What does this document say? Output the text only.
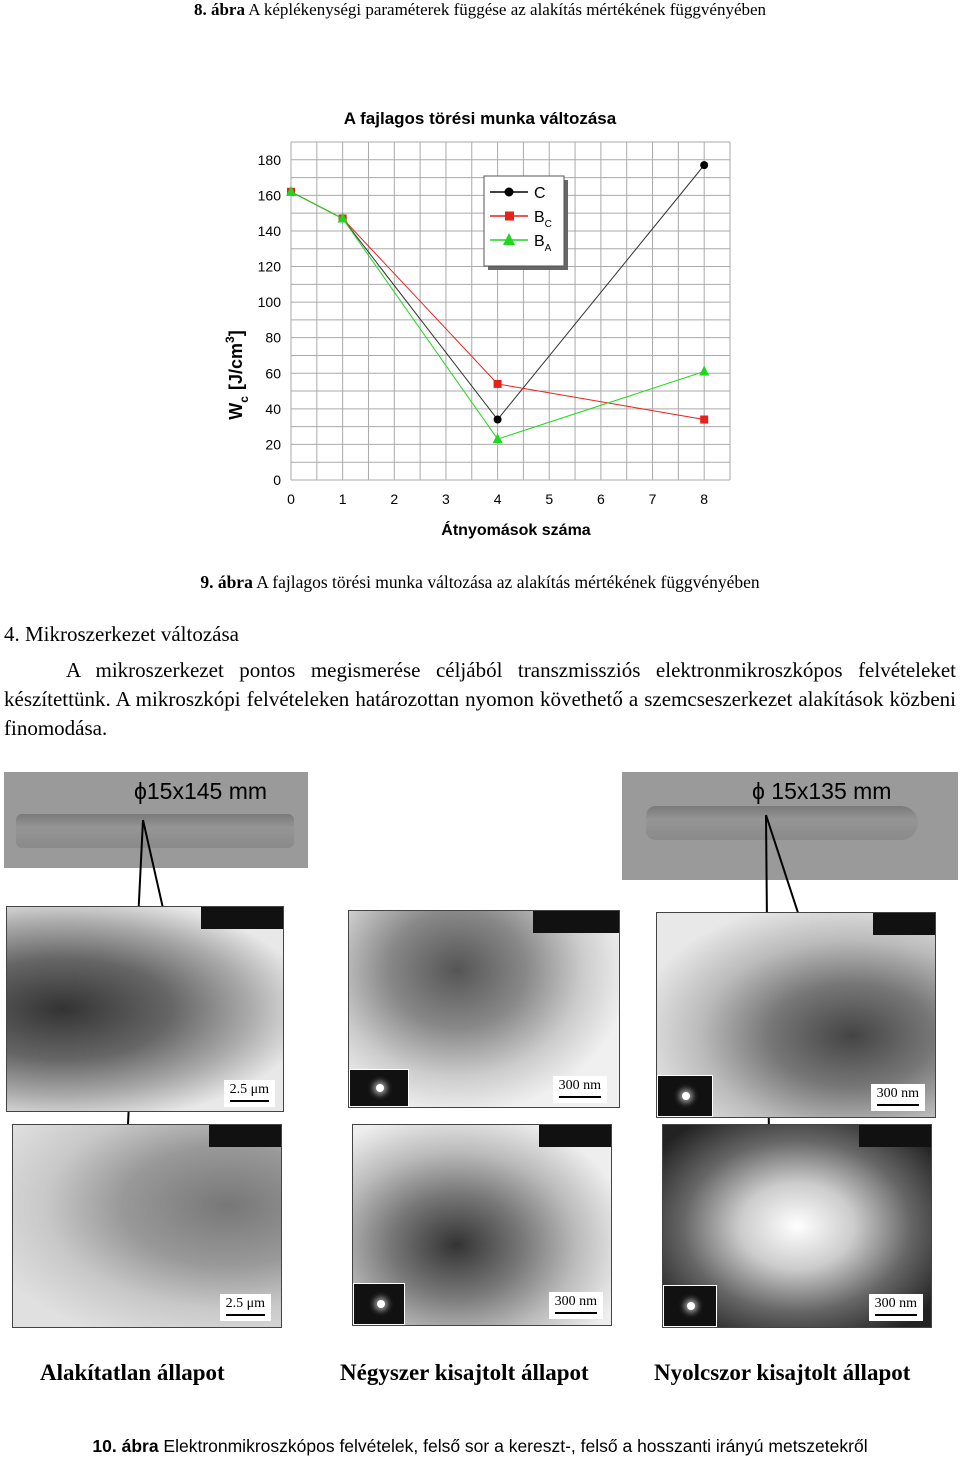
8. ábra A képlékenységi paraméterek függése az alakítás mértékének függvényében
A fajlagos törési munka változása
0
20
40
60
80
100
120
140
160
180
0	1	2	3	4	5	6	7	8
Átnyomások száma
$W_c[J/cm^3]$
C
$B_C$
$B_A$
9. ábra A fajlagos törési munka változása az alakítás mértékének függvényében
4. Mikroszerkezet változása
A mikroszerkezet pontos megismerése céljából transzmissziós elektronmikroszkópos felvételeket készítettünk. A mikroszkópi felvételeken határozottan nyomon követhető a szemcseszerkezet alakítások közbeni finomodása.
ϕ15x145 mm	ϕ 15x135 mm
2.5 μm	300 nm
300 nm
2.5 μm	300 nm	300 nm
Alakítatlan állapot	Négyszer kisajtolt állapot	Nyolcszor kisajtolt állapot
10. ábra Elektronmikroszkópos felvételek, felső sor a kereszt-, felső a hosszanti irányú metszetekről
